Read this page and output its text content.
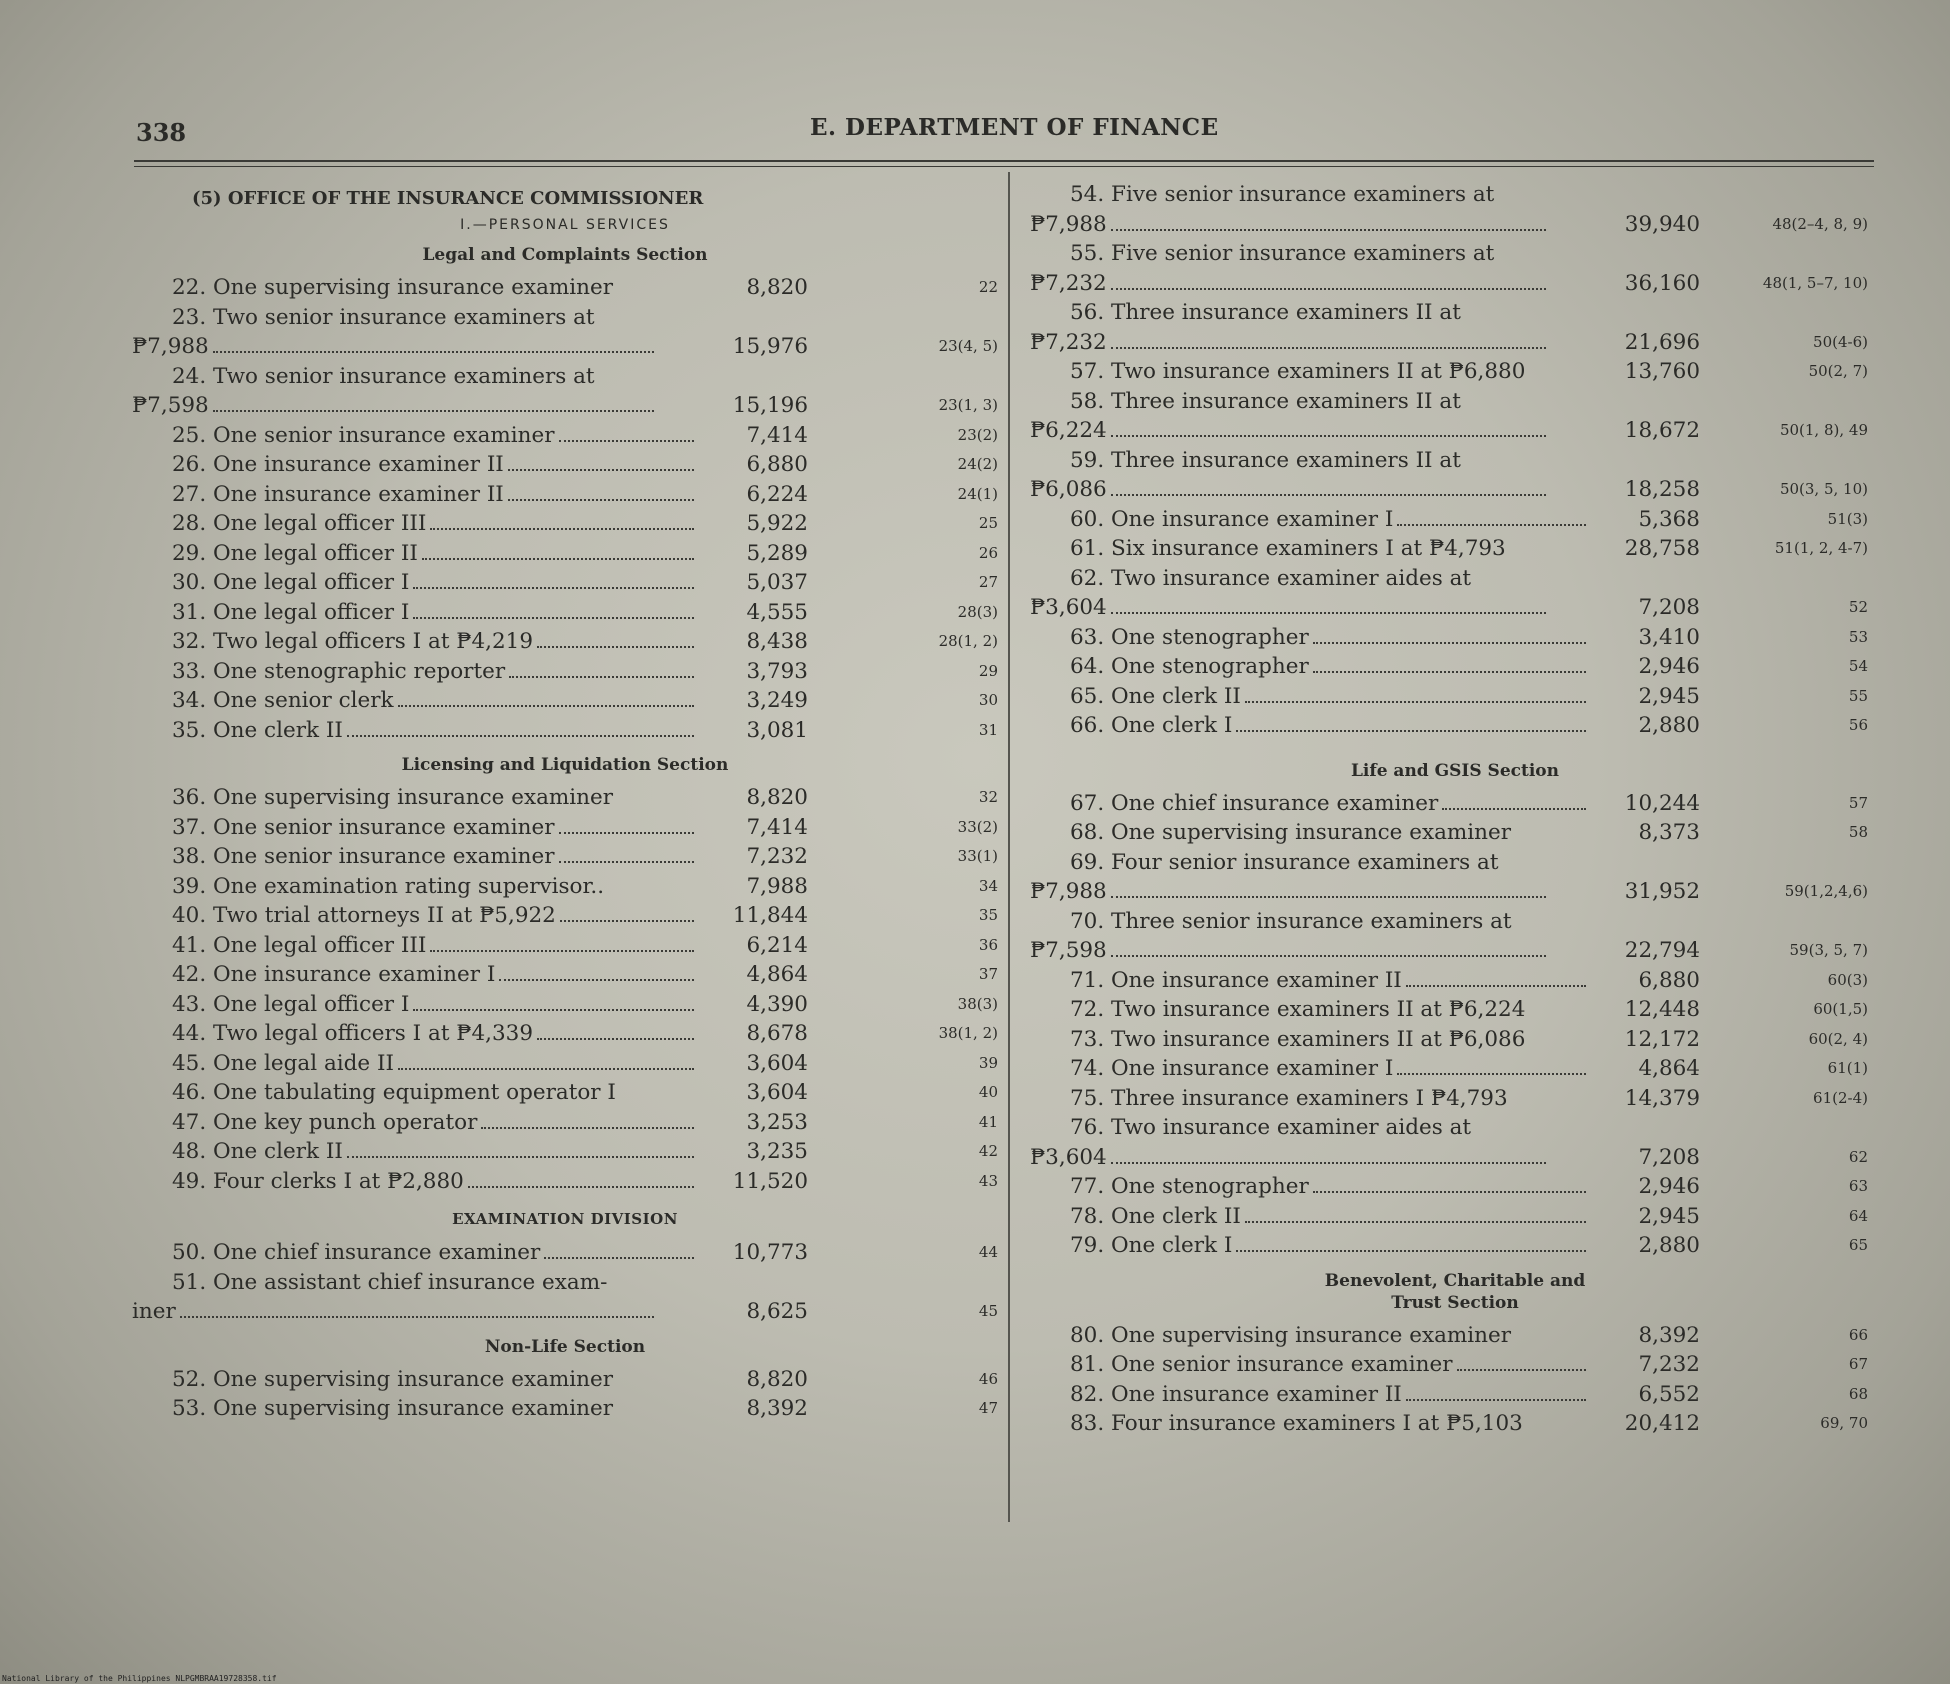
338	E. DEPARTMENT OF FINANCE
(5) OFFICE OF THE INSURANCE COMMISSIONER
I.—PERSONAL SERVICES
Legal and Complaints Section
22. One supervising insurance examiner	8,820	22
23. Two senior insurance examiners at
₱7,988	15,976	23(4, 5)
24. Two senior insurance examiners at
₱7,598	15,196	23(1, 3)
25. One senior insurance examiner	7,414	23(2)
26. One insurance examiner II	6,880	24(2)
27. One insurance examiner II	6,224	24(1)
28. One legal officer III	5,922	25
29. One legal officer II	5,289	26
30. One legal officer I	5,037	27
31. One legal officer I	4,555	28(3)
32. Two legal officers I at ₱4,219	8,438	28(1, 2)
33. One stenographic reporter	3,793	29
34. One senior clerk	3,249	30
35. One clerk II	3,081	31
Licensing and Liquidation Section
36. One supervising insurance examiner	8,820	32
37. One senior insurance examiner	7,414	33(2)
38. One senior insurance examiner	7,232	33(1)
39. One examination rating supervisor..	7,988	34
40. Two trial attorneys II at ₱5,922	11,844	35
41. One legal officer III	6,214	36
42. One insurance examiner I	4,864	37
43. One legal officer I	4,390	38(3)
44. Two legal officers I at ₱4,339	8,678	38(1, 2)
45. One legal aide II	3,604	39
46. One tabulating equipment operator I	3,604	40
47. One key punch operator	3,253	41
48. One clerk II	3,235	42
49. Four clerks I at ₱2,880	11,520	43
EXAMINATION DIVISION
50. One chief insurance examiner	10,773	44
51. One assistant chief insurance exam-
iner	8,625	45
Non-Life Section
52. One supervising insurance examiner	8,820	46
53. One supervising insurance examiner	8,392	47
54. Five senior insurance examiners at
₱7,988	39,940	48(2–4, 8, 9)
55. Five senior insurance examiners at
₱7,232	36,160	48(1, 5–7, 10)
56. Three insurance examiners II at
₱7,232	21,696	50(4-6)
57. Two insurance examiners II at ₱6,880	13,760	50(2, 7)
58. Three insurance examiners II at
₱6,224	18,672	50(1, 8), 49
59. Three insurance examiners II at
₱6,086	18,258	50(3, 5, 10)
60. One insurance examiner I	5,368	51(3)
61. Six insurance examiners I at ₱4,793	28,758	51(1, 2, 4-7)
62. Two insurance examiner aides at
₱3,604	7,208	52
63. One stenographer	3,410	53
64. One stenographer	2,946	54
65. One clerk II	2,945	55
66. One clerk I	2,880	56
Life and GSIS Section
67. One chief insurance examiner	10,244	57
68. One supervising insurance examiner	8,373	58
69. Four senior insurance examiners at
₱7,988	31,952	59(1,2,4,6)
70. Three senior insurance examiners at
₱7,598	22,794	59(3, 5, 7)
71. One insurance examiner II	6,880	60(3)
72. Two insurance examiners II at ₱6,224	12,448	60(1,5)
73. Two insurance examiners II at ₱6,086	12,172	60(2, 4)
74. One insurance examiner I	4,864	61(1)
75. Three insurance examiners I ₱4,793	14,379	61(2-4)
76. Two insurance examiner aides at
₱3,604	7,208	62
77. One stenographer	2,946	63
78. One clerk II	2,945	64
79. One clerk I	2,880	65
Benevolent, Charitable and
Trust Section
80. One supervising insurance examiner	8,392	66
81. One senior insurance examiner	7,232	67
82. One insurance examiner II	6,552	68
83. Four insurance examiners I at ₱5,103	20,412	69, 70
National Library of the Philippines NLPGMBRAA19728358.tif
